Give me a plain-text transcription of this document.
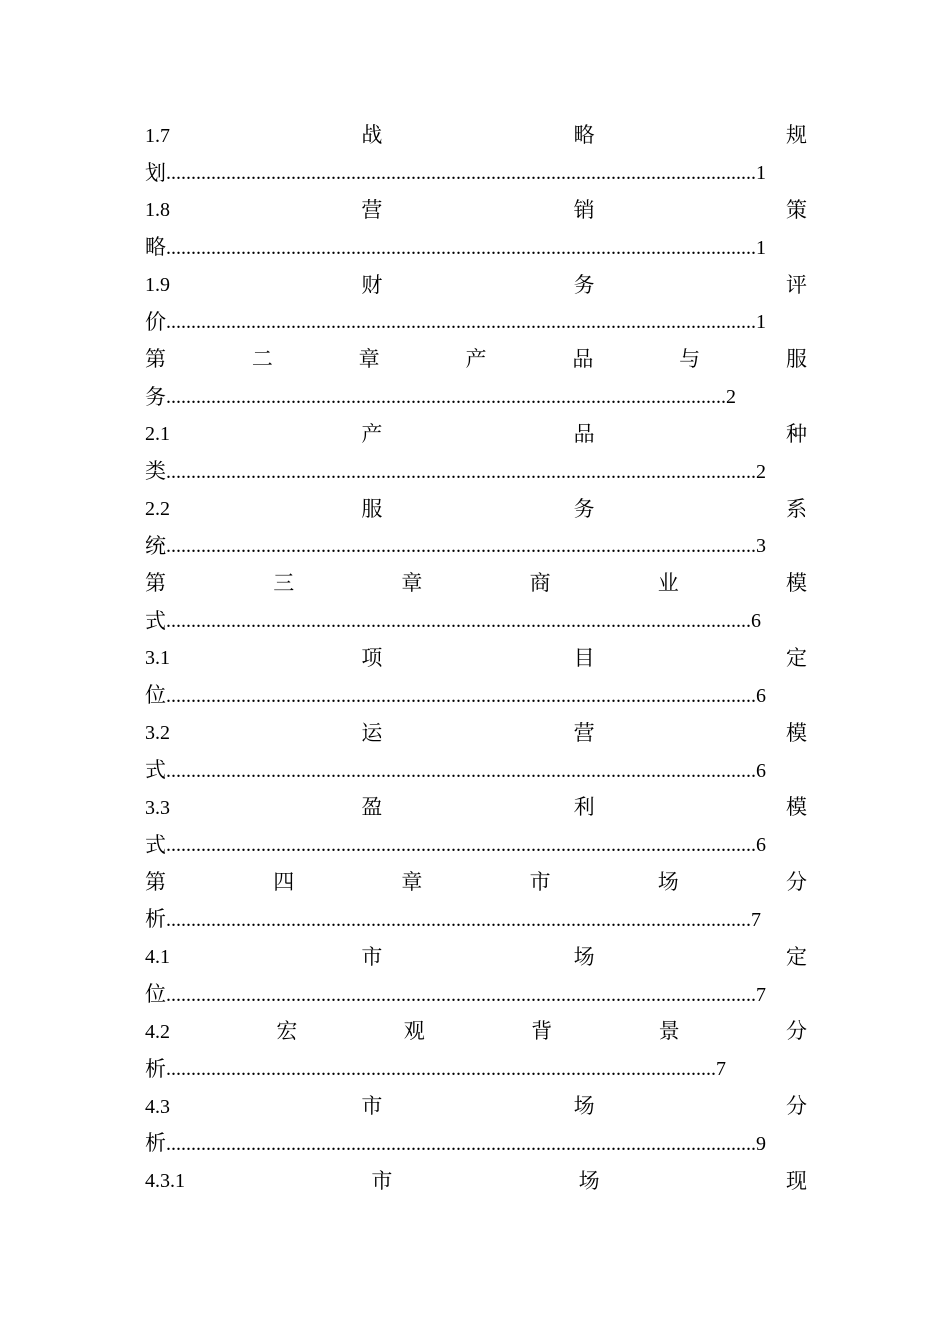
1.7	战	略	规
划 ...................................................................................................................... 1
1.8	营	销	策
略 ...................................................................................................................... 1
1.9	财	务	评
价 ...................................................................................................................... 1
第	二	章	产	品	与	服
务 ................................................................................................................ 2
2.1	产	品	种
类 ...................................................................................................................... 2
2.2	服	务	系
统 ...................................................................................................................... 3
第	三	章	商	业	模
式 ..................................................................................................................... 6
3.1	项	目	定
位 ...................................................................................................................... 6
3.2	运	营	模
式 ...................................................................................................................... 6
3.3	盈	利	模
式 ...................................................................................................................... 6
第	四	章	市	场	分
析 ..................................................................................................................... 7
4.1	市	场	定
位 ...................................................................................................................... 7
4.2	宏	观	背	景	分
析 .............................................................................................................. 7
4.3	市	场	分
析 ...................................................................................................................... 9
4.3.1	市	场	现
